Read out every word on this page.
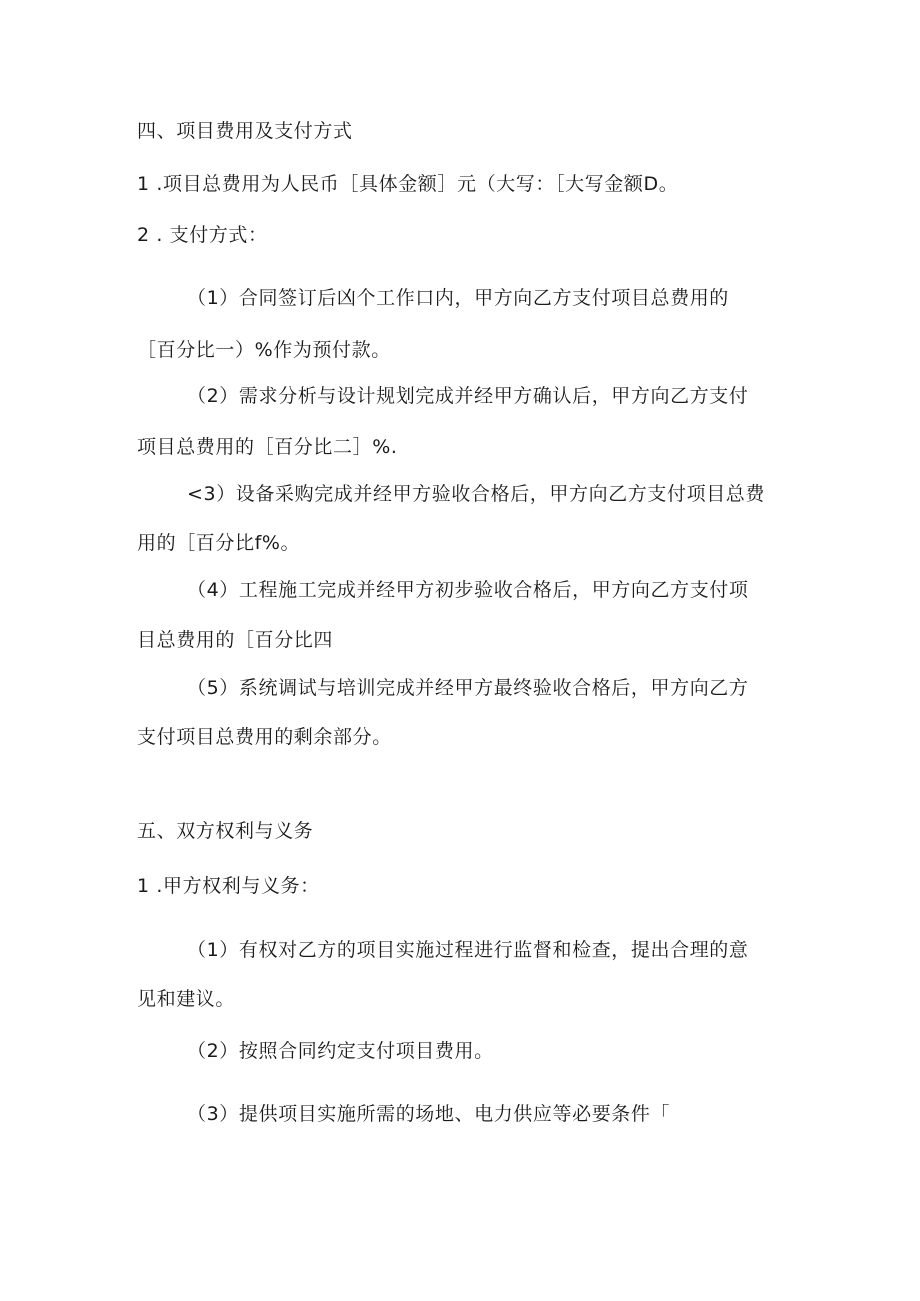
四、项目费用及支付方式
1 .项目总费用为人民币［具体金额］元（大写：［大写金额D。
2 . 支付方式：
（1）合同签订后凶个工作口内，甲方向乙方支付项目总费用的
［百分比一）%作为预付款。
（2）需求分析与设计规划完成并经甲方确认后，甲方向乙方支付
项目总费用的［百分比二］%.
<3）设备采购完成并经甲方验收合格后，甲方向乙方支付项目总费
用的［百分比f%。
（4）工程施工完成并经甲方初步验收合格后，甲方向乙方支付项
目总费用的［百分比四
（5）系统调试与培训完成并经甲方最终验收合格后，甲方向乙方
支付项目总费用的剩余部分。
五、双方权利与义务
1 .甲方权利与义务：
（1）有权对乙方的项目实施过程进行监督和检查，提出合理的意
见和建议。
（2）按照合同约定支付项目费用。
（3）提供项目实施所需的场地、电力供应等必要条件「
